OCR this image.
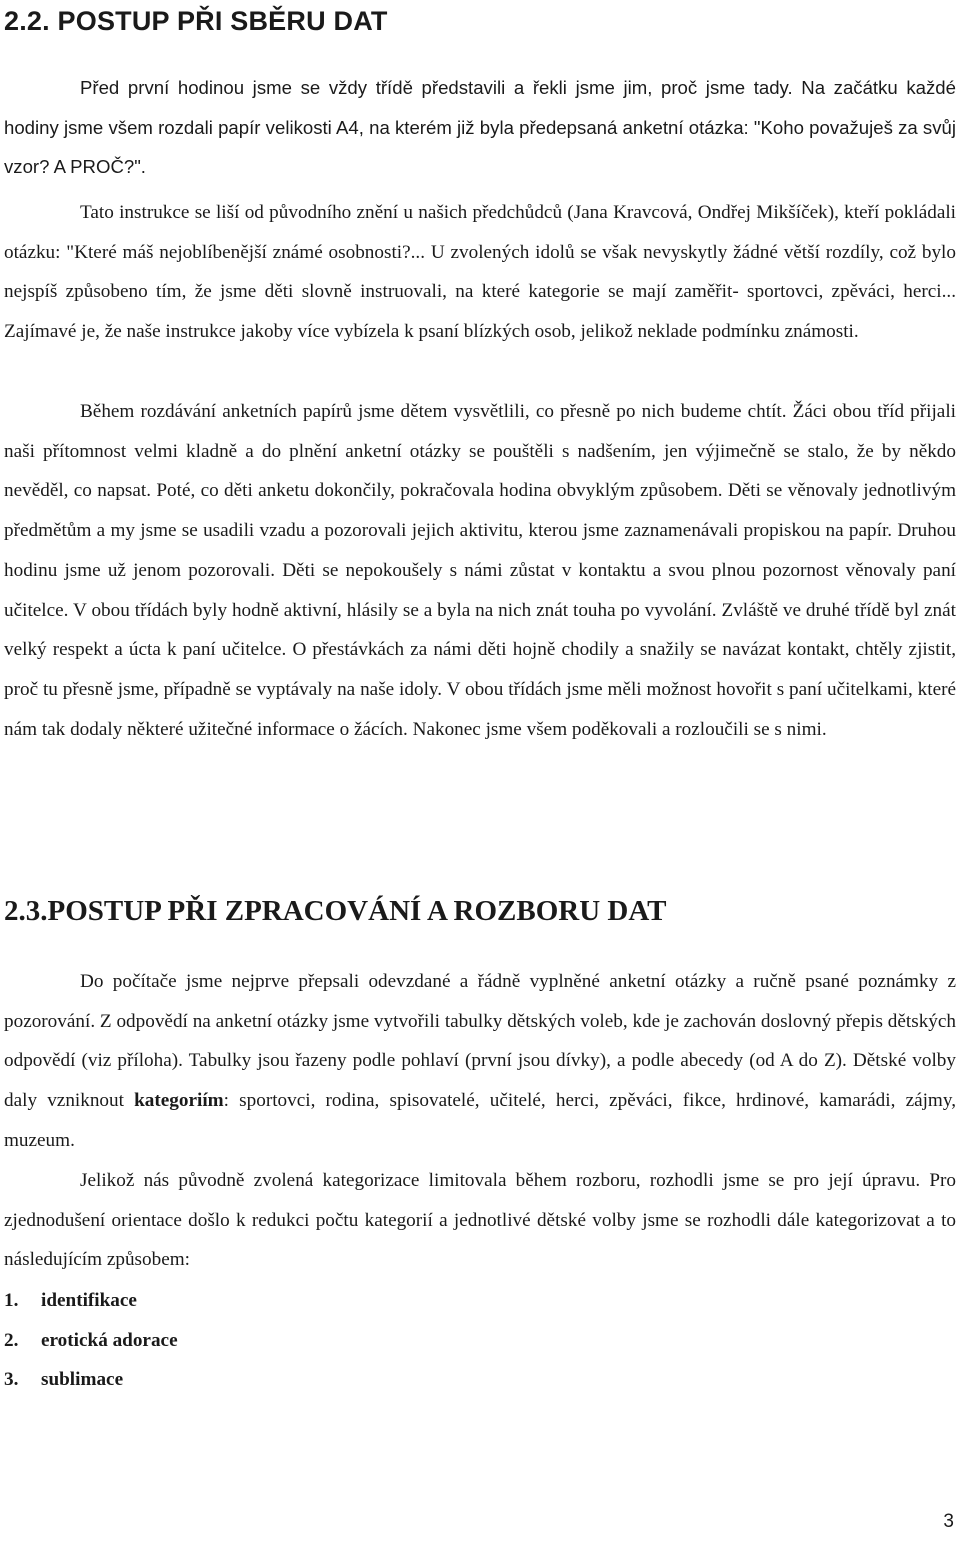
2.2. POSTUP PŘI SBĚRU DAT

Před první hodinou jsme se vždy třídě představili a řekli jsme jim, proč jsme tady. Na začátku každé hodiny jsme všem rozdali papír velikosti A4, na kterém již byla předepsaná anketní otázka: "Koho považuješ za svůj vzor? A PROČ?".

Tato instrukce se liší od původního znění u našich předchůdců (Jana Kravcová, Ondřej Mikšíček), kteří pokládali otázku: "Které máš nejoblíbenější známé osobnosti?... U zvolených idolů se však nevyskytly žádné větší rozdíly, což bylo nejspíš způsobeno tím, že jsme děti slovně instruovali, na které kategorie se mají zaměřit- sportovci, zpěváci, herci... Zajímavé je, že naše instrukce jakoby více vybízela k psaní blízkých osob, jelikož neklade podmínku známosti.

Během rozdávání anketních papírů jsme dětem vysvětlili, co přesně po nich budeme chtít. Žáci obou tříd přijali naši přítomnost velmi kladně a do plnění anketní otázky se pouštěli s nadšením, jen výjimečně se stalo, že by někdo nevěděl, co napsat. Poté, co děti anketu dokončily, pokračovala hodina obvyklým způsobem. Děti se věnovaly jednotlivým předmětům a my jsme se usadili vzadu a pozorovali jejich aktivitu, kterou jsme zaznamenávali propiskou na papír. Druhou hodinu jsme už jenom pozorovali. Děti se nepokoušely s námi zůstat v kontaktu a svou plnou pozornost věnovaly paní učitelce. V obou třídách byly hodně aktivní, hlásily se a byla na nich znát touha po vyvolání. Zvláště ve druhé třídě byl znát velký respekt a úcta k paní učitelce. O přestávkách za námi děti hojně chodily a snažily se navázat kontakt, chtěly zjistit, proč tu přesně jsme, případně se vyptávaly na naše idoly. V obou třídách jsme měli možnost hovořit s paní učitelkami, které nám tak dodaly některé užitečné informace o žácích. Nakonec jsme všem poděkovali a rozloučili se s nimi.

2.3.POSTUP PŘI ZPRACOVÁNÍ A ROZBORU DAT

Do počítače jsme nejprve přepsali odevzdané a řádně vyplněné anketní otázky a ručně psané poznámky z pozorování. Z odpovědí na anketní otázky jsme vytvořili tabulky dětských voleb, kde je zachován doslovný přepis dětských odpovědí (viz příloha). Tabulky jsou řazeny podle pohlaví (první jsou dívky), a podle abecedy (od A do Z). Dětské volby daly vzniknout kategoriím: sportovci, rodina, spisovatelé, učitelé, herci, zpěváci, fikce, hrdinové, kamarádi, zájmy, muzeum.

Jelikož nás původně zvolená kategorizace limitovala během rozboru, rozhodli jsme se pro její úpravu. Pro zjednodušení orientace došlo k redukci počtu kategorií a jednotlivé dětské volby jsme se rozhodli dále kategorizovat a to následujícím způsobem:

1. identifikace
2. erotická adorace
3. sublimace
3
